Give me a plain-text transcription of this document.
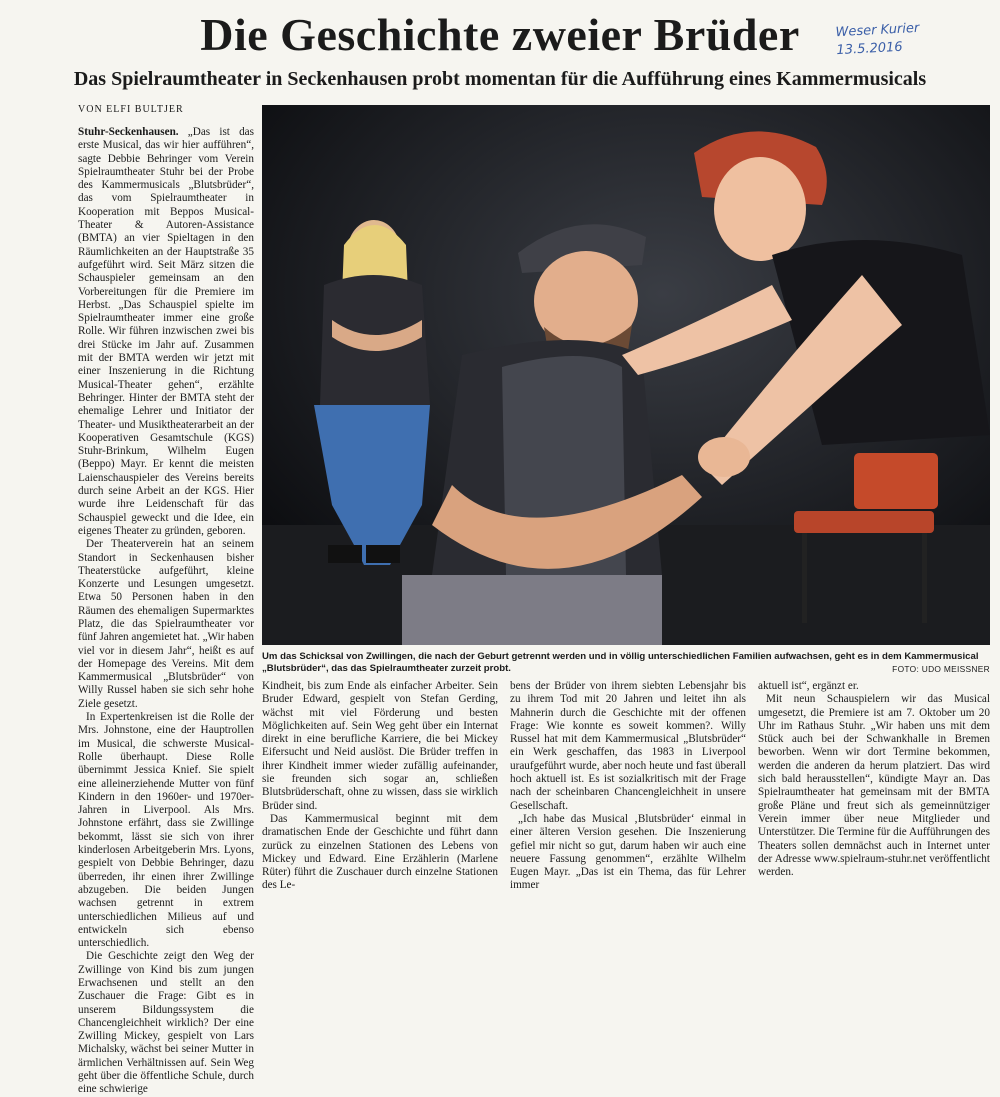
Die Geschichte zweier Brüder	Weser Kurier
13.5.2016
Das Spielraumtheater in Seckenhausen probt momentan für die Aufführung eines Kammermusicals
VON ELFI BULTJER

Stuhr-Seckenhausen. „Das ist das erste Musical, das wir hier aufführen“, sagte Debbie Behringer vom Verein Spielraumtheater Stuhr bei der Probe des Kammermusicals „Blutsbrüder“, das vom Spielraumtheater in Kooperation mit Beppos Musical-Theater & Autoren-Assistance (BMTA) an vier Spieltagen in den Räumlichkeiten an der Hauptstraße 35 aufgeführt wird. Seit März sitzen die Schauspieler gemeinsam an den Vorbereitungen für die Premiere im Herbst. „Das Schauspiel spielte im Spielraumtheater immer eine große Rolle. Wir führen inzwischen zwei bis drei Stücke im Jahr auf. Zusammen mit der BMTA werden wir jetzt mit einer Inszenierung in die Richtung Musical-Theater gehen“, erzählte Behringer. Hinter der BMTA steht der ehemalige Lehrer und Initiator der Theater- und Musiktheaterarbeit an der Kooperativen Gesamtschule (KGS) Stuhr-Brinkum, Wilhelm Eugen (Beppo) Mayr. Er kennt die meisten Laienschauspieler des Vereins bereits durch seine Arbeit an der KGS. Hier wurde ihre Leidenschaft für das Schauspiel geweckt und die Idee, ein eigenes Theater zu gründen, geboren.

Der Theaterverein hat an seinem Standort in Seckenhausen bisher Theaterstücke aufgeführt, kleine Konzerte und Lesungen umgesetzt. Etwa 50 Personen haben in den Räumen des ehemaligen Supermarktes Platz, die das Spielraumtheater vor fünf Jahren angemietet hat. „Wir haben viel vor in diesem Jahr“, heißt es auf der Homepage des Vereins. Mit dem Kammermusical „Blutsbrüder“ von Willy Russel haben sie sich sehr hohe Ziele gesetzt.

In Expertenkreisen ist die Rolle der Mrs. Johnstone, eine der Hauptrollen im Musical, die schwerste Musical-Rolle überhaupt. Diese Rolle übernimmt Jessica Knief. Sie spielt eine alleinerziehende Mutter von fünf Kindern in den 1960er- und 1970er-Jahren in Liverpool. Als Mrs. Johnstone erfährt, dass sie Zwillinge bekommt, lässt sie sich von ihrer kinderlosen Arbeitgeberin Mrs. Lyons, gespielt von Debbie Behringer, dazu überreden, ihr einen ihrer Zwillinge abzugeben. Die beiden Jungen wachsen getrennt in extrem unterschiedlichen Milieus auf und entwickeln sich ebenso unterschiedlich.

Die Geschichte zeigt den Weg der Zwillinge von Kind bis zum jungen Erwachsenen und stellt an den Zuschauer die Frage: Gibt es in unserem Bildungssystem die Chancengleichheit wirklich? Der eine Zwilling Mickey, gespielt von Lars Michalsky, wächst bei seiner Mutter in ärmlichen Verhältnissen auf. Sein Weg geht über die öffentliche Schule, durch eine schwierige

Um das Schicksal von Zwillingen, die nach der Geburt getrennt werden und in völlig unterschiedlichen Familien aufwachsen, geht es in dem Kammermusical „Blutsbrüder“, das das Spielraumtheater zurzeit probt.	FOTO: UDO MEISSNER

Kindheit, bis zum Ende als einfacher Arbeiter. Sein Bruder Edward, gespielt von Stefan Gerding, wächst mit viel Förderung und besten Möglichkeiten auf. Sein Weg geht über ein Internat direkt in eine berufliche Karriere, die bei Mickey Eifersucht und Neid auslöst. Die Brüder treffen in ihrer Kindheit immer wieder zufällig aufeinander, sie freunden sich sogar an, schließen Blutsbrüderschaft, ohne zu wissen, dass sie wirklich Brüder sind.

Das Kammermusical beginnt mit dem dramatischen Ende der Geschichte und führt dann zurück zu einzelnen Stationen des Lebens von Mickey und Edward. Eine Erzählerin (Marlene Rüter) führt die Zuschauer durch einzelne Stationen des Le-

bens der Brüder von ihrem siebten Lebensjahr bis zu ihrem Tod mit 20 Jahren und leitet ihn als Mahnerin durch die Geschichte mit der offenen Frage: Wie konnte es soweit kommen?. Willy Russel hat mit dem Kammermusical „Blutsbrüder“ ein Werk geschaffen, das 1983 in Liverpool uraufgeführt wurde, aber noch heute und fast überall hoch aktuell ist. Es ist sozialkritisch mit der Frage nach der scheinbaren Chancengleichheit in unsere Gesellschaft.

„Ich habe das Musical ‚Blutsbrüder‘ einmal in einer älteren Version gesehen. Die Inszenierung gefiel mir nicht so gut, darum haben wir auch eine neuere Fassung genommen“, erzählte Wilhelm Eugen Mayr. „Das ist ein Thema, das für Lehrer immer

aktuell ist“, ergänzt er.

Mit neun Schauspielern wir das Musical umgesetzt, die Premiere ist am 7. Oktober um 20 Uhr im Rathaus Stuhr. „Wir haben uns mit dem Stück auch bei der Schwankhalle in Bremen beworben. Wenn wir dort Termine bekommen, werden die anderen da herum platziert. Das wird sich bald herausstellen“, kündigte Mayr an. Das Spielraumtheater hat gemeinsam mit der BMTA große Pläne und freut sich als gemeinnütziger Verein immer über neue Mitglieder und Unterstützer. Die Termine für die Aufführungen des Theaters sollen demnächst auch in Internet unter der Adresse www.spielraum-stuhr.net veröffentlicht werden.
